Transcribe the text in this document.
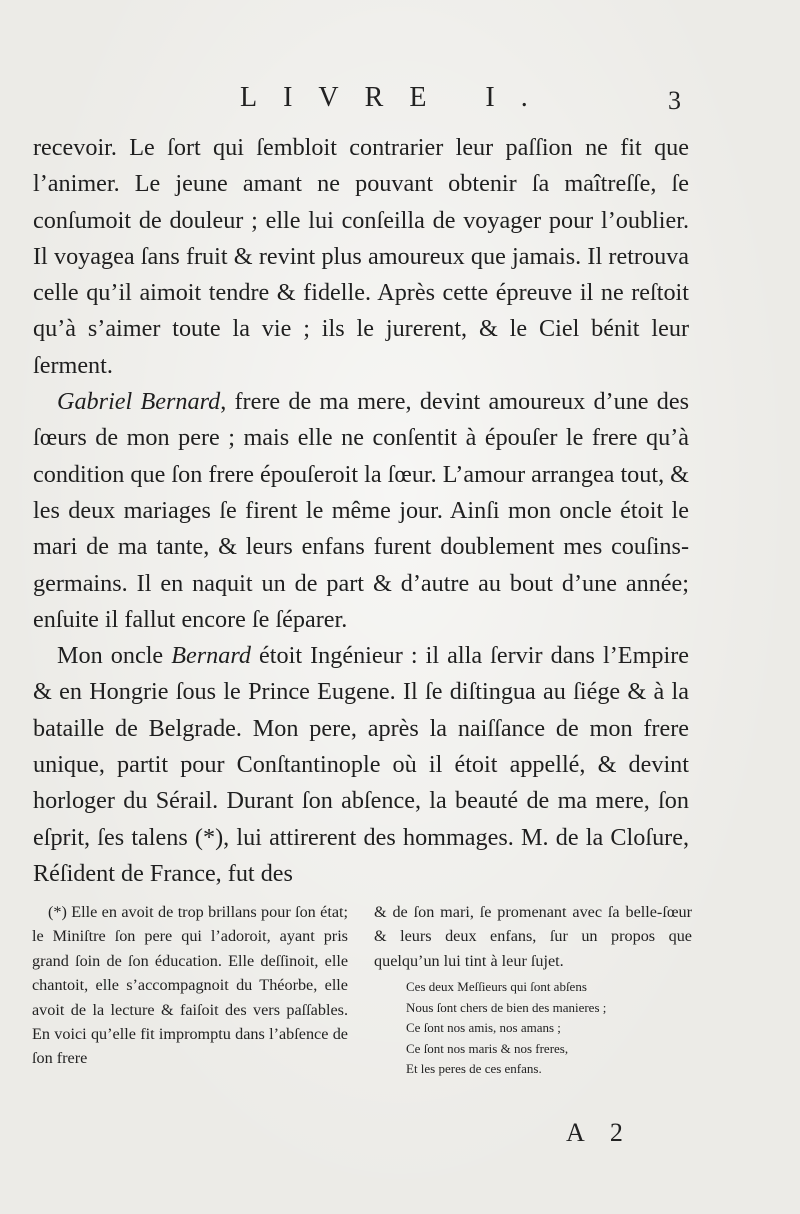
LIVRE I.	3

recevoir. Le ſort qui ſembloit contrarier leur paſſion ne fit que l’animer. Le jeune amant ne pouvant obtenir ſa maîtreſſe, ſe conſumoit de douleur ; elle lui conſeilla de voyager pour l’oublier. Il voyagea ſans fruit & revint plus amoureux que jamais. Il retrouva celle qu’il aimoit tendre & fidelle. Après cette épreuve il ne reſtoit qu’à s’aimer toute la vie ; ils le jurerent, & le Ciel bénit leur ſerment.

Gabriel Bernard, frere de ma mere, devint amoureux d’une des ſœurs de mon pere ; mais elle ne conſentit à épouſer le frere qu’à condition que ſon frere épouſeroit la ſœur. L’amour arrangea tout, & les deux mariages ſe firent le même jour. Ainſi mon oncle étoit le mari de ma tante, & leurs enfans furent doublement mes couſins-germains. Il en naquit un de part & d’autre au bout d’une année; enſuite il fallut encore ſe ſéparer.

Mon oncle Bernard étoit Ingénieur : il alla ſervir dans l’Empire & en Hongrie ſous le Prince Eugene. Il ſe diſtingua au ſiége & à la bataille de Belgrade. Mon pere, après la naiſſance de mon frere unique, partit pour Conſtantinople où il étoit appellé, & devint horloger du Sérail. Durant ſon abſence, la beauté de ma mere, ſon eſprit, ſes talens (*), lui attirerent des hommages. M. de la Cloſure, Réſident de France, fut des

(*) Elle en avoit de trop brillans pour ſon état; le Miniſtre ſon pere qui l’adoroit, ayant pris grand ſoin de ſon éducation. Elle deſſinoit, elle chantoit, elle s’accompagnoit du Théorbe, elle avoit de la lecture & faiſoit des vers paſſables. En voici qu’elle fit impromptu dans l’abſence de ſon frere

& de ſon mari, ſe promenant avec ſa belle-ſœur & leurs deux enfans, ſur un propos que quelqu’un lui tint à leur ſujet.

Ces deux Meſſieurs qui ſont abſens
Nous ſont chers de bien des manieres ;
Ce ſont nos amis, nos amans ;
Ce ſont nos maris & nos freres,
Et les peres de ces enfans.
A 2
